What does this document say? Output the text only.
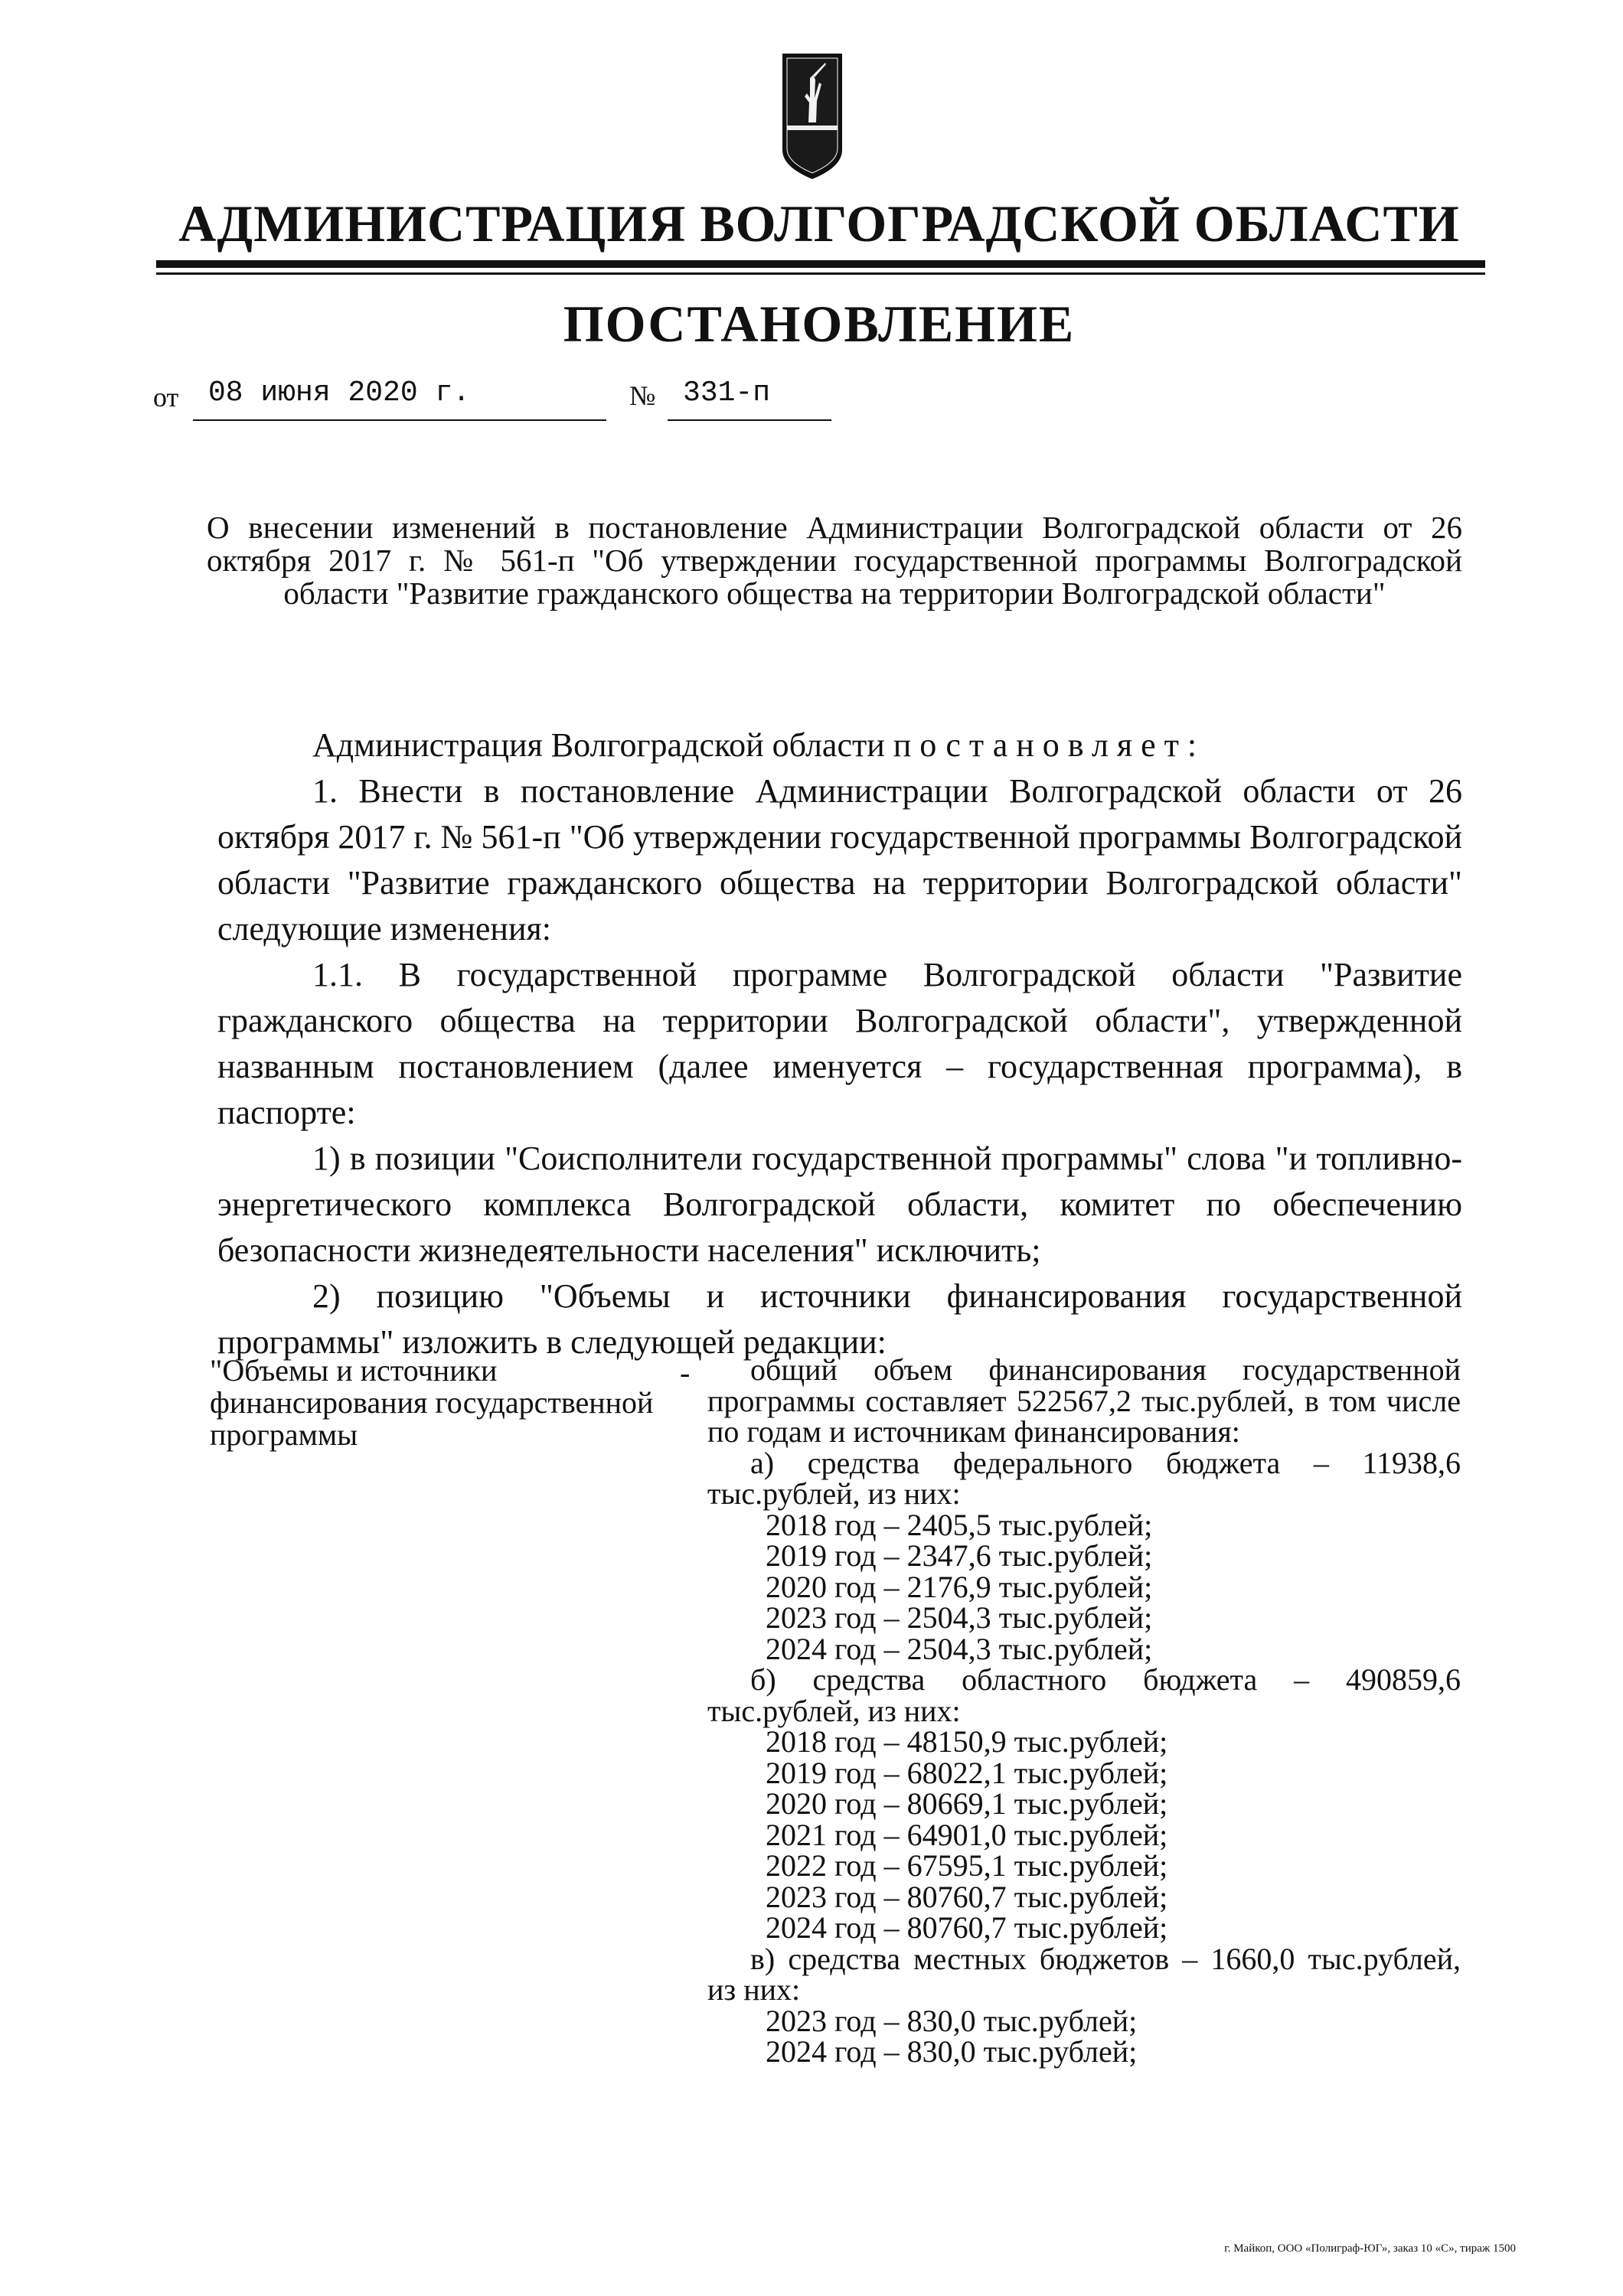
АДМИНИСТРАЦИЯ ВОЛГОГРАДСКОЙ ОБЛАСТИ
ПОСТАНОВЛЕНИЕ
от	08 июня 2020 г.	№ 331-п
О внесении изменений в постановление Администрации Волгоградской области от 26 октября 2017 г. № 561-п "Об утверждении государственной программы Волгоградской области "Развитие гражданского общества на территории Волгоградской области"

Администрация Волгоградской области постановляет:

1. Внести в постановление Администрации Волгоградской области от 26 октября 2017 г. № 561-п "Об утверждении государственной программы Волгоградской области "Развитие гражданского общества на территории Волгоградской области" следующие изменения:

1.1. В государственной программе Волгоградской области "Развитие гражданского общества на территории Волгоградской области", утвержденной названным постановлением (далее именуется – государственная программа), в паспорте:

1) в позиции "Соисполнители государственной программы" слова "и топливно-энергетического комплекса Волгоградской области, комитет по обеспечению безопасности жизнедеятельности населения" исключить;

2) позицию "Объемы и источники финансирования государственной программы" изложить в следующей редакции:

"Объемы и источники финансирования государственной программы
-	общий объем финансирования государственной программы составляет 522567,2 тыс.рублей, в том числе по годам и источникам финансирования:

а) средства федерального бюджета – 11938,6 тыс.рублей, из них:

2018 год – 2405,5 тыс.рублей;
2019 год – 2347,6 тыс.рублей;
2020 год – 2176,9 тыс.рублей;
2023 год – 2504,3 тыс.рублей;
2024 год – 2504,3 тыс.рублей;

б) средства областного бюджета – 490859,6 тыс.рублей, из них:

2018 год – 48150,9 тыс.рублей;
2019 год – 68022,1 тыс.рублей;
2020 год – 80669,1 тыс.рублей;
2021 год – 64901,0 тыс.рублей;
2022 год – 67595,1 тыс.рублей;
2023 год – 80760,7 тыс.рублей;
2024 год – 80760,7 тыс.рублей;

в) средства местных бюджетов – 1660,0 тыс.рублей, из них:

2023 год – 830,0 тыс.рублей;
2024 год – 830,0 тыс.рублей;
г. Майкоп, ООО «Полиграф-ЮГ», заказ 10 «С», тираж 1500
